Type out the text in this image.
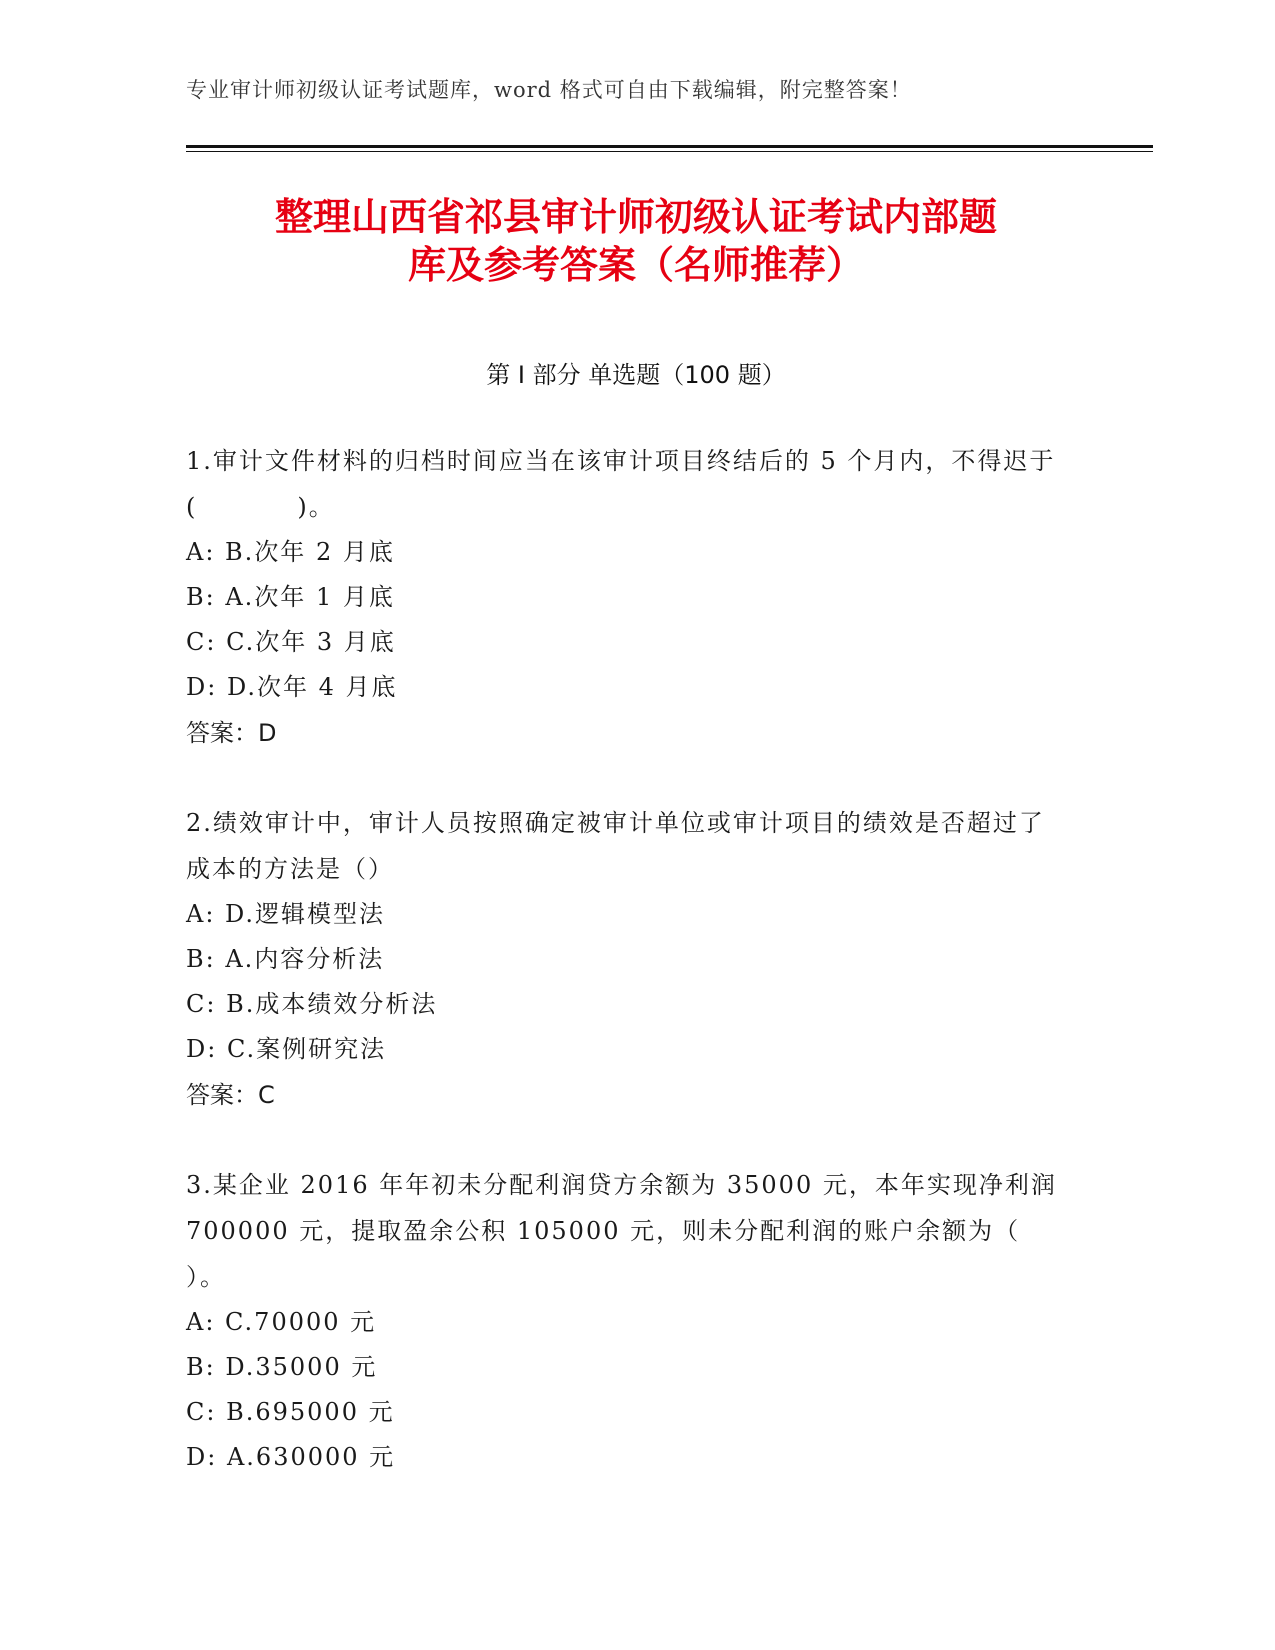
专业审计师初级认证考试题库，word 格式可自由下载编辑，附完整答案！
整理山西省祁县审计师初级认证考试内部题
库及参考答案（名师推荐）
第 I 部分 单选题（100 题）
1.审计文件材料的归档时间应当在该审计项目终结后的 5 个月内，不得迟于(	)。
A: B.次年 2 月底
B: A.次年 1 月底
C: C.次年 3 月底
D: D.次年 4 月底
答案：D
2.绩效审计中，审计人员按照确定被审计单位或审计项目的绩效是否超过了成本的方法是（）
A: D.逻辑模型法
B: A.内容分析法
C: B.成本绩效分析法
D: C.案例研究法
答案：C
3.某企业 2016 年年初未分配利润贷方余额为 35000 元，本年实现净利润 700000 元，提取盈余公积 105000 元，则未分配利润的账户余额为（）。
A: C.70000 元
B: D.35000 元
C: B.695000 元
D: A.630000 元
